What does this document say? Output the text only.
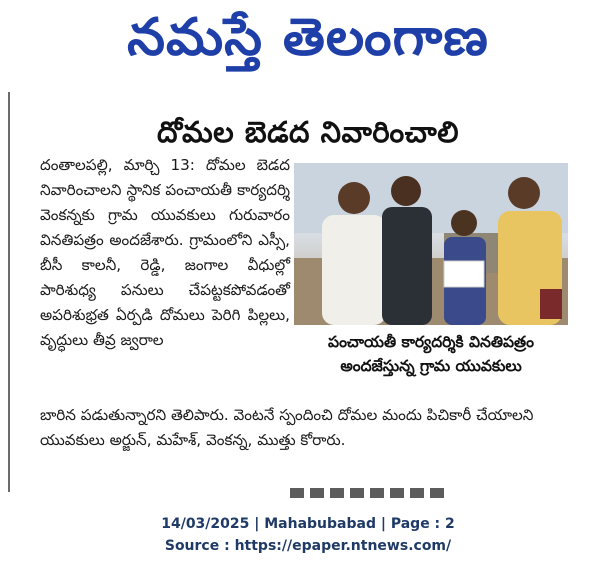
నమస్తే తెలంగాణ
దోమల బెడద నివారించాలి
దంతాలపల్లి, మార్చి 13: దోమల బెడద నివారించాలని స్థానిక పంచాయతీ కార్యదర్శి వెంకన్నకు గ్రామ యువకులు గురువారం వినతిపత్రం అందజేశారు. గ్రామంలోని ఎస్సీ, బీసీ కాలనీ, రెడ్డి, జంగాల వీధుల్లో పారిశుధ్య పనులు చేపట్టకపోవడంతో అపరిశుభ్రత ఏర్పడి దోమలు పెరిగి పిల్లలు, వృద్ధులు తీవ్ర జ్వరాల	పంచాయతీ కార్యదర్శికి వినతిపత్రం
అందజేస్తున్న గ్రామ యువకులు
బారిన పడుతున్నారని తెలిపారు. వెంటనే స్పందించి దోమల మందు పిచికారీ చేయాలని యువకులు అర్జున్, మహేశ్, వెంకన్న, ముత్తు కోరారు.
14/03/2025 | Mahabubabad | Page : 2
Source : https://epaper.ntnews.com/
